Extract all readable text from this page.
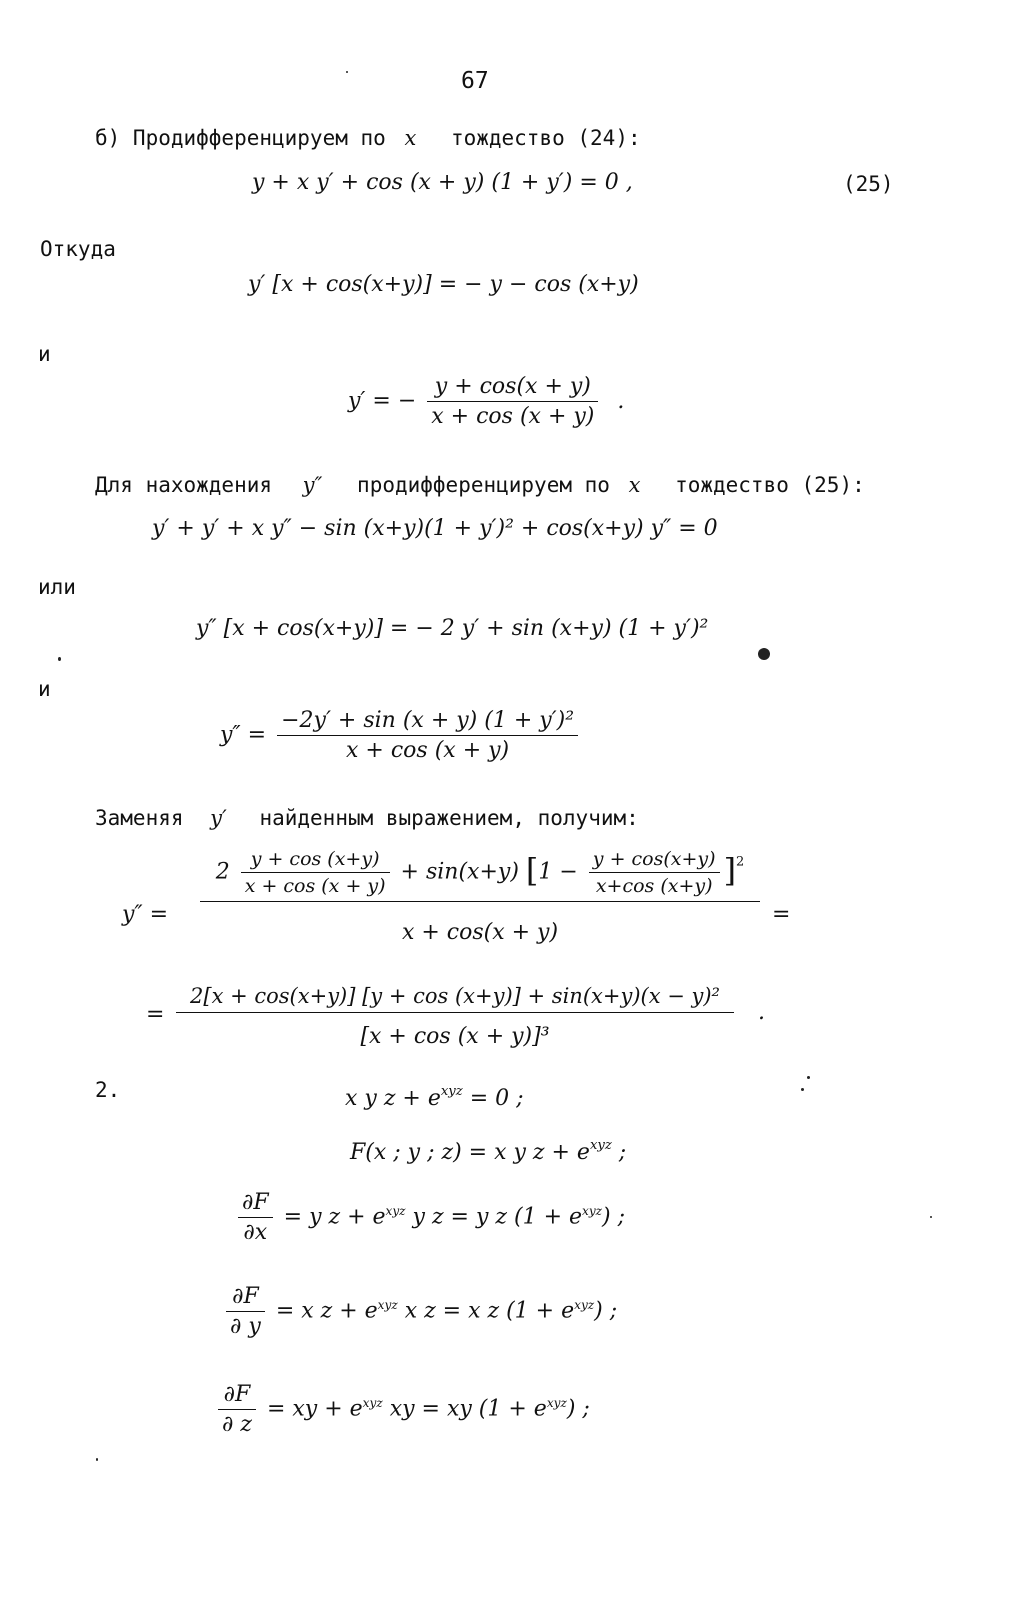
67
б) Продифференцируем по x тождество (24):
y + x y′ + cos (x + y) (1 + y′) = 0 ,	(25)
Откуда
y′ [x + cos(x+y)] = − y − cos (x+y)
и
y′ = − $\frac{y + \cos(x + y)}{x + \cos (x + y)}$ .
Для нахождения y″ продифференцируем по x тождество (25):
y′ + y′ + x y″ − sin (x+y)(1 + y′)² + cos(x+y) y″ = 0
или
y″ [x + cos(x+y)] = − 2 y′ + sin (x+y) (1 + y′)²
и
$y'' = \frac{\text{−2y′ + sin (x + y) (1 + y′)²}}{x + \cos (x + y)}$
Заменяя y′ найденным выражением, получим:
y″ =
$2 \frac{y + \cos (x+y)}{x + \cos (x + y)} + \sin(x+y) [1 - \frac{y + \cos(x+y)}{x+\cos (x+y)} ]^2$
x + cos(x + y)
=
=
2[x + cos(x+y)] [y + cos (x+y)] + sin(x+y)(x − y)²
[x + cos (x + y)]³
.
2.	x y $z + e^{xyz} = 0$ ;
F(x ; y ; z) = x y $z + e^{xyz}$ ;
$\frac{\partial F}{\partial x} = y$ $z + e^{xyz}$ y z = y z $(1 + e^{xyz})$ ;
$\frac{\partial F}{\partial y} = x$ $z + e^{xyz}$ x z = x z $(1 + e^{xyz})$ ;
$\frac{\partial F}{\partial z}$ = xy + $e^{xyz}$ xy = xy $(1 + e^{xyz})$ ;
